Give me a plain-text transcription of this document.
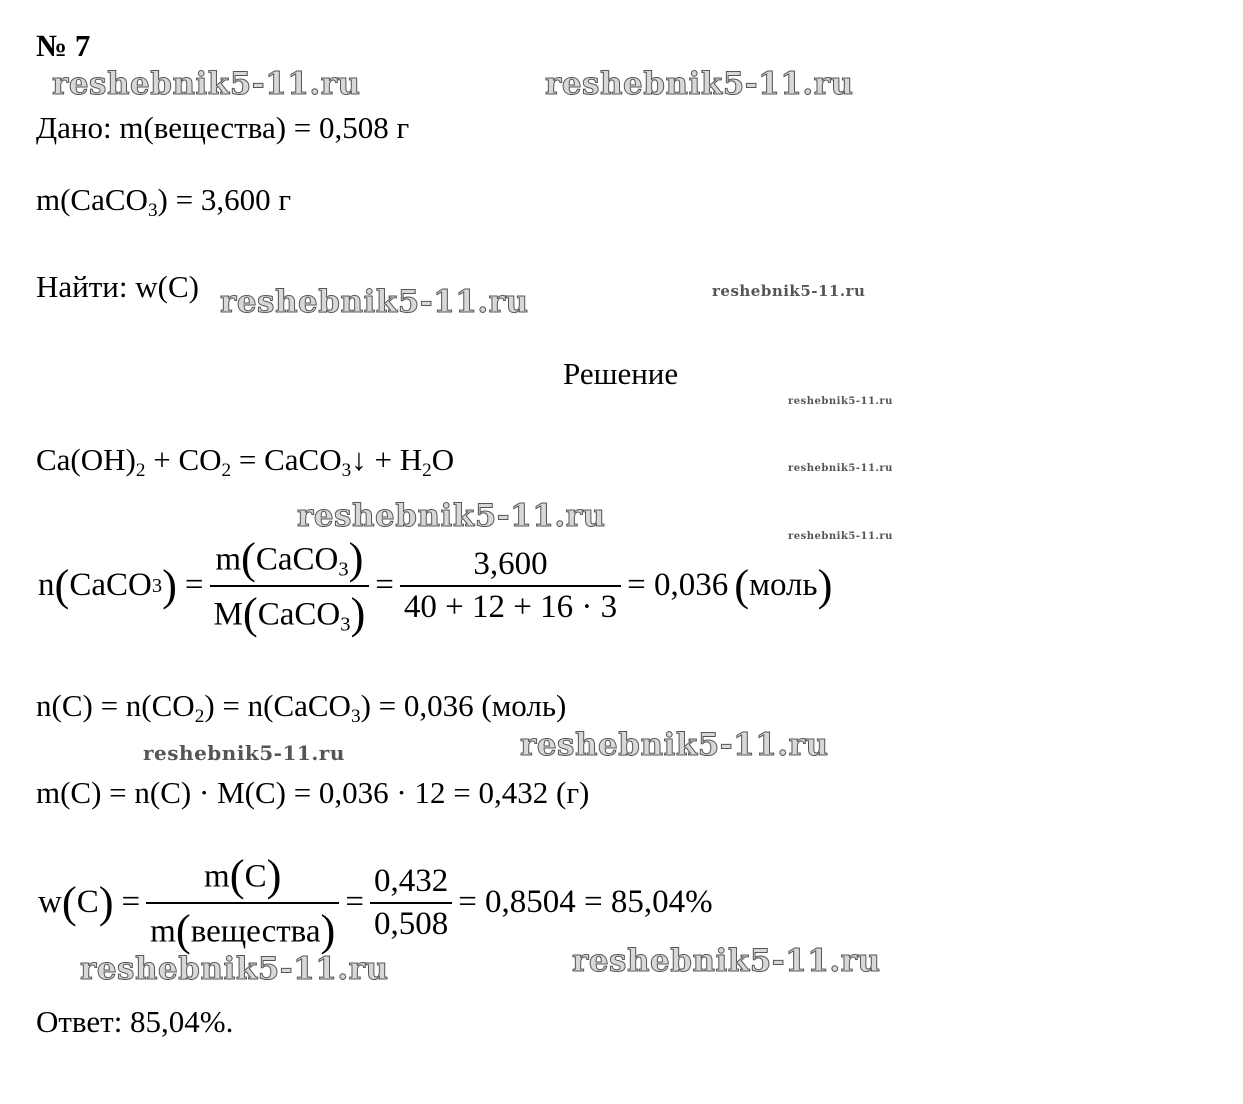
№ 7
reshebnik5-11.ru	reshebnik5-11.ru
reshebnik5-11.ru	reshebnik5-11.ru
reshebnik5-11.ru
reshebnik5-11.ru
reshebnik5-11.ru
reshebnik5-11.ru
reshebnik5-11.ru	reshebnik5-11.ru
reshebnik5-11.ru	reshebnik5-11.ru
Дано: m(вещества) = 0,508 г
m(CaCO$_3$) = 3,600 г
Найти: w(C)
Решение
$Ca(OH)_2 + CO_2$ = CaCO$_3$↓ + $H_2O$
n ( CaCO 3 ) = $\frac{m(CaCO_3)}{M(CaCO_3)} = \frac{3,600}{40 + 12 + 16 \cdot 3} = 0,036$ ( моль )
$n(C) = n(CO_2)$ = n(CaCO$_3$) = 0,036 (моль)
m(C) = n(C) · M(C) = 0,036 · 12 = 0,432 (г)
w ( C ) = $\frac{m(C)}{\text{m(вещества)}} = \frac{0,432}{0,508} = 0,8504 = 85,04\%$
Ответ: 85,04%.
